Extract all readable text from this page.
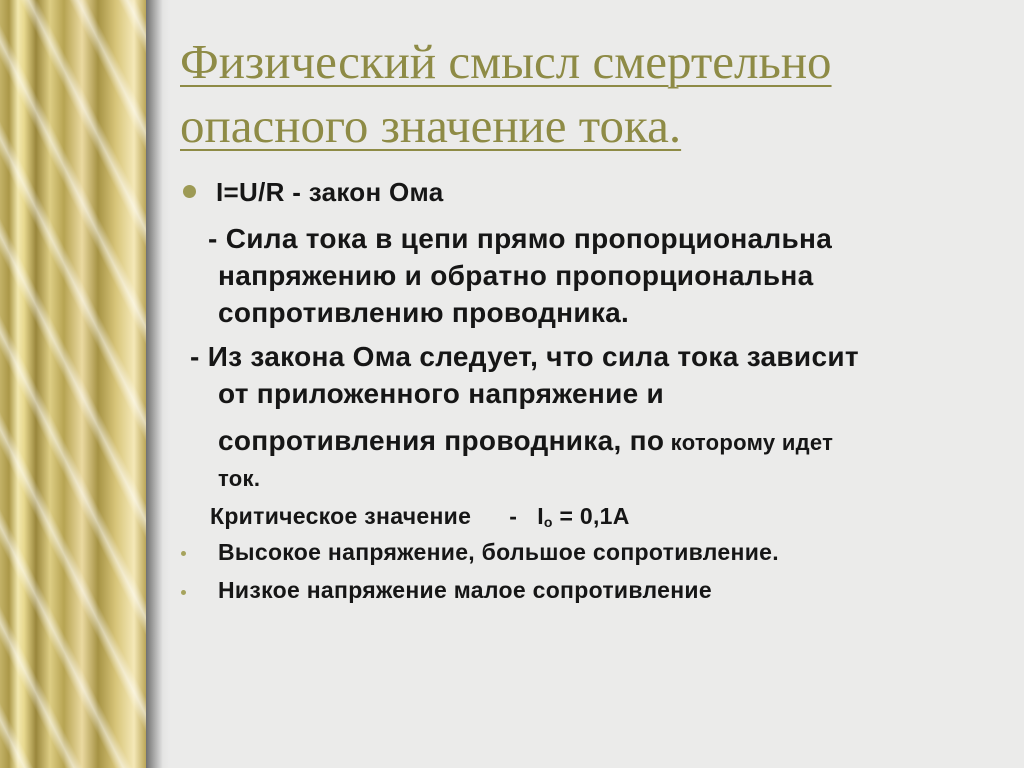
Физический смысл смертельно
опасного значение тока.
I=U/R - закон Ома
- Сила тока в цепи прямо пропорциональна
напряжению и обратно пропорциональна
сопротивлению проводника.
- Из закона Ома следует, что сила тока зависит
от приложенного напряжение и
сопротивления проводника, по которому идет
ток.
Критическое значение - $I_o = 0,1А$
Высокое напряжение, большое сопротивление.
Низкое напряжение малое сопротивление
